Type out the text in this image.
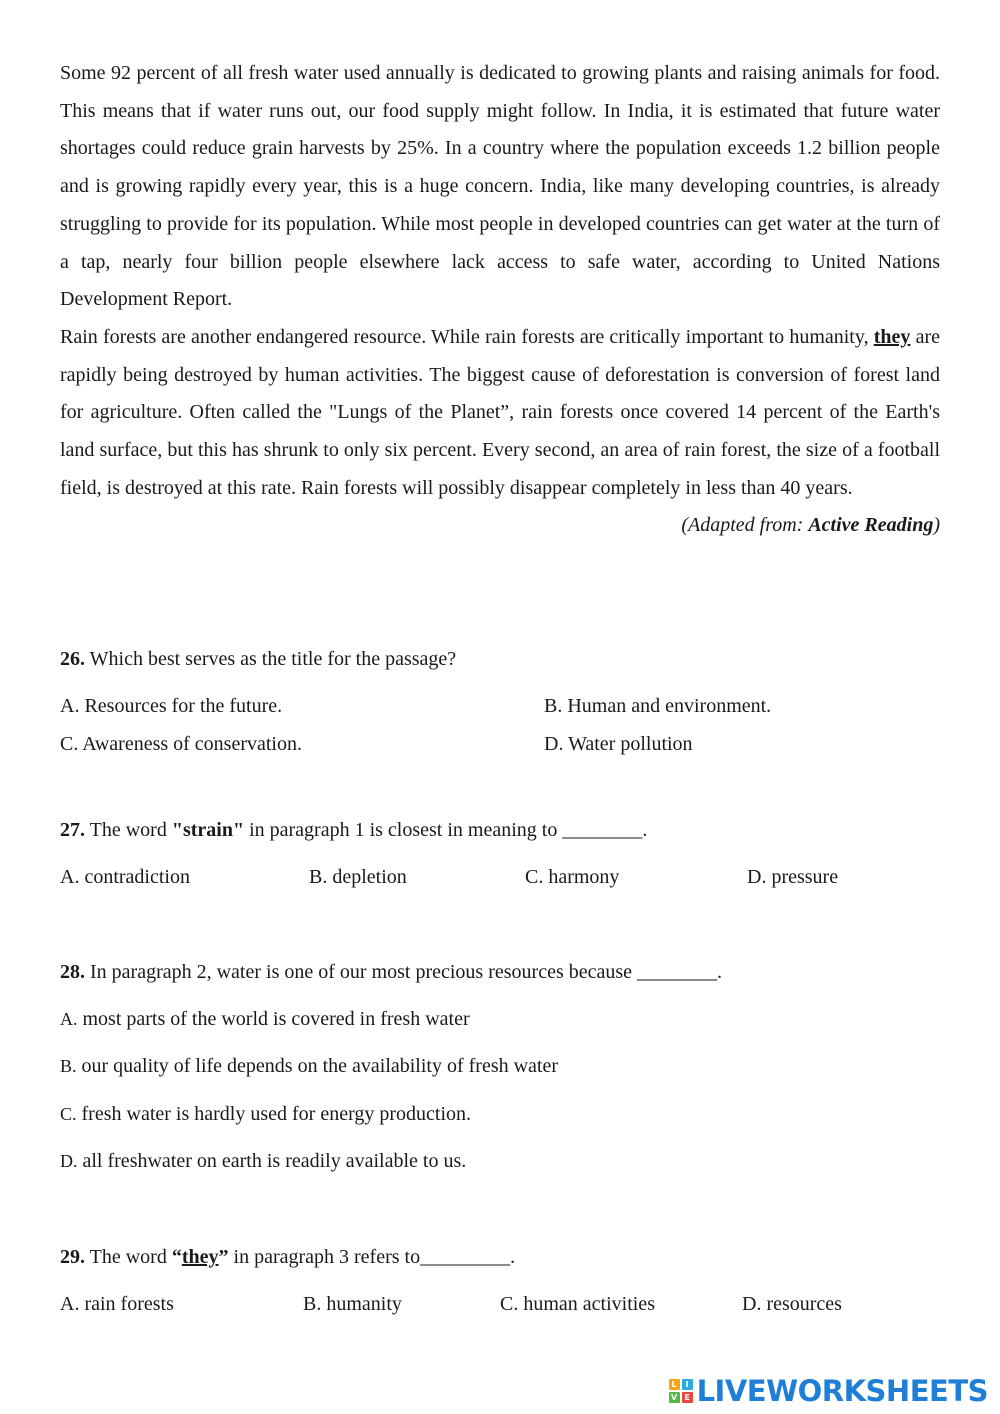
Some 92 percent of all fresh water used annually is dedicated to growing plants and raising animals for food. This means that if water runs out, our food supply might follow. In India, it is estimated that future water shortages could reduce grain harvests by 25%. In a country where the population exceeds 1.2 billion people and is growing rapidly every year, this is a huge concern. India, like many developing countries, is already struggling to provide for its population. While most people in developed countries can get water at the turn of a tap, nearly four billion people elsewhere lack access to safe water, according to United Nations Development Report.

Rain forests are another endangered resource. While rain forests are critically important to humanity, they are rapidly being destroyed by human activities. The biggest cause of deforestation is conversion of forest land for agriculture. Often called the "Lungs of the Planet”, rain forests once covered 14 percent of the Earth's land surface, but this has shrunk to only six percent. Every second, an area of rain forest, the size of a football field, is destroyed at this rate. Rain forests will possibly disappear completely in less than 40 years.

(Adapted from: Active Reading)

26. Which best serves as the title for the passage?

A. Resources for the future.	B. Human and environment.
C. Awareness of conservation.	D. Water pollution

27. The word "strain" in paragraph 1 is closest in meaning to ________.

A. contradiction	B. depletion	C. harmony	D. pressure

28. In paragraph 2, water is one of our most precious resources because ________.

A. most parts of the world is covered in fresh water
B. our quality of life depends on the availability of fresh water
C. fresh water is hardly used for energy production.
D. all freshwater on earth is readily available to us.

29. The word “they” in paragraph 3 refers to_________.

A. rain forests	B. humanity	C. human activities	D. resources
L	I
V E LIVEWORKSHEETS
